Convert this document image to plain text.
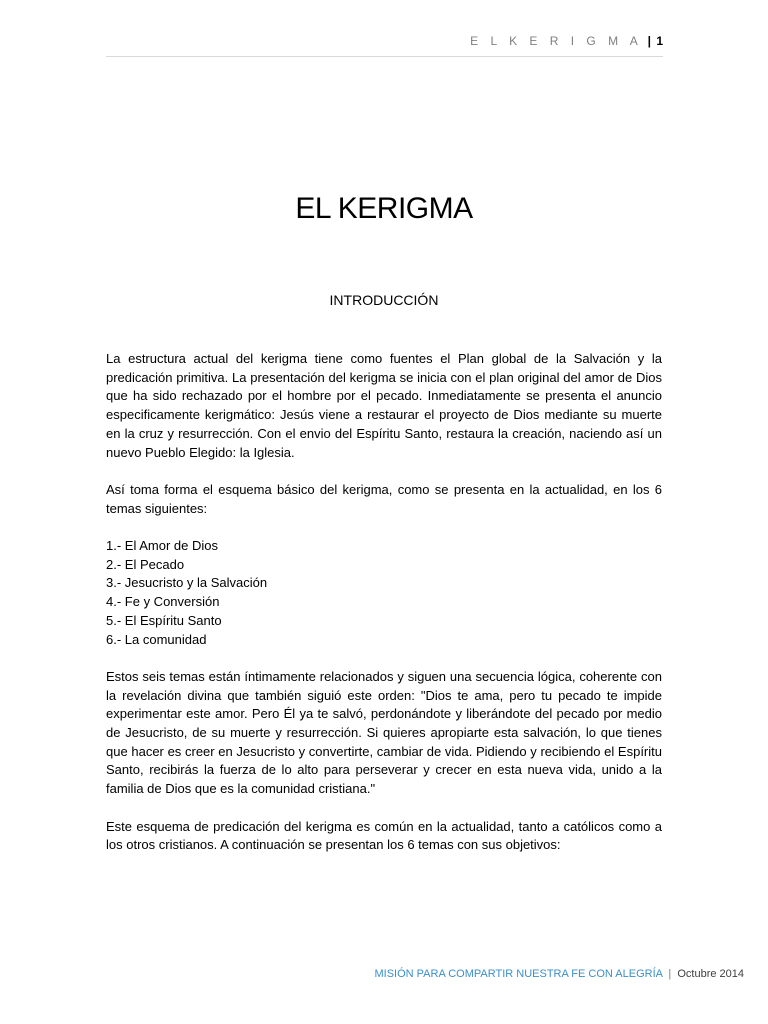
E L K E R I G M A | 1
EL KERIGMA
INTRODUCCIÓN

La estructura actual del kerigma tiene como fuentes el Plan global de la Salvación y la predicación primitiva. La presentación del kerigma se inicia con el plan original del amor de Dios que ha sido rechazado por el hombre por el pecado. Inmediatamente se presenta el anuncio especificamente kerigmático: Jesús viene a restaurar el proyecto de Dios mediante su muerte en la cruz y resurrección. Con el envio del Espíritu Santo, restaura la creación, naciendo así un nuevo Pueblo Elegido: la Iglesia.

Así toma forma el esquema básico del kerigma, como se presenta en la actualidad, en los 6 temas siguientes:

1.- El Amor de Dios
2.- El Pecado
3.- Jesucristo y la Salvación
4.- Fe y Conversión
5.- El Espíritu Santo
6.- La comunidad

Estos seis temas están íntimamente relacionados y siguen una secuencia lógica, coherente con la revelación divina que también siguió este orden: "Dios te ama, pero tu pecado te impide experimentar este amor. Pero Él ya te salvó, perdonándote y liberándote del pecado por medio de Jesucristo, de su muerte y resurrección. Si quieres apropiarte esta salvación, lo que tienes que hacer es creer en Jesucristo y convertirte, cambiar de vida. Pidiendo y recibiendo el Espíritu Santo, recibirás la fuerza de lo alto para perseverar y crecer en esta nueva vida, unido a la familia de Dios que es la comunidad cristiana."

Este esquema de predicación del kerigma es común en la actualidad, tanto a católicos como a los otros cristianos. A continuación se presentan los 6 temas con sus objetivos:

MISIÓN PARA COMPARTIR NUESTRA FE CON ALEGRÍA | Octubre 2014
